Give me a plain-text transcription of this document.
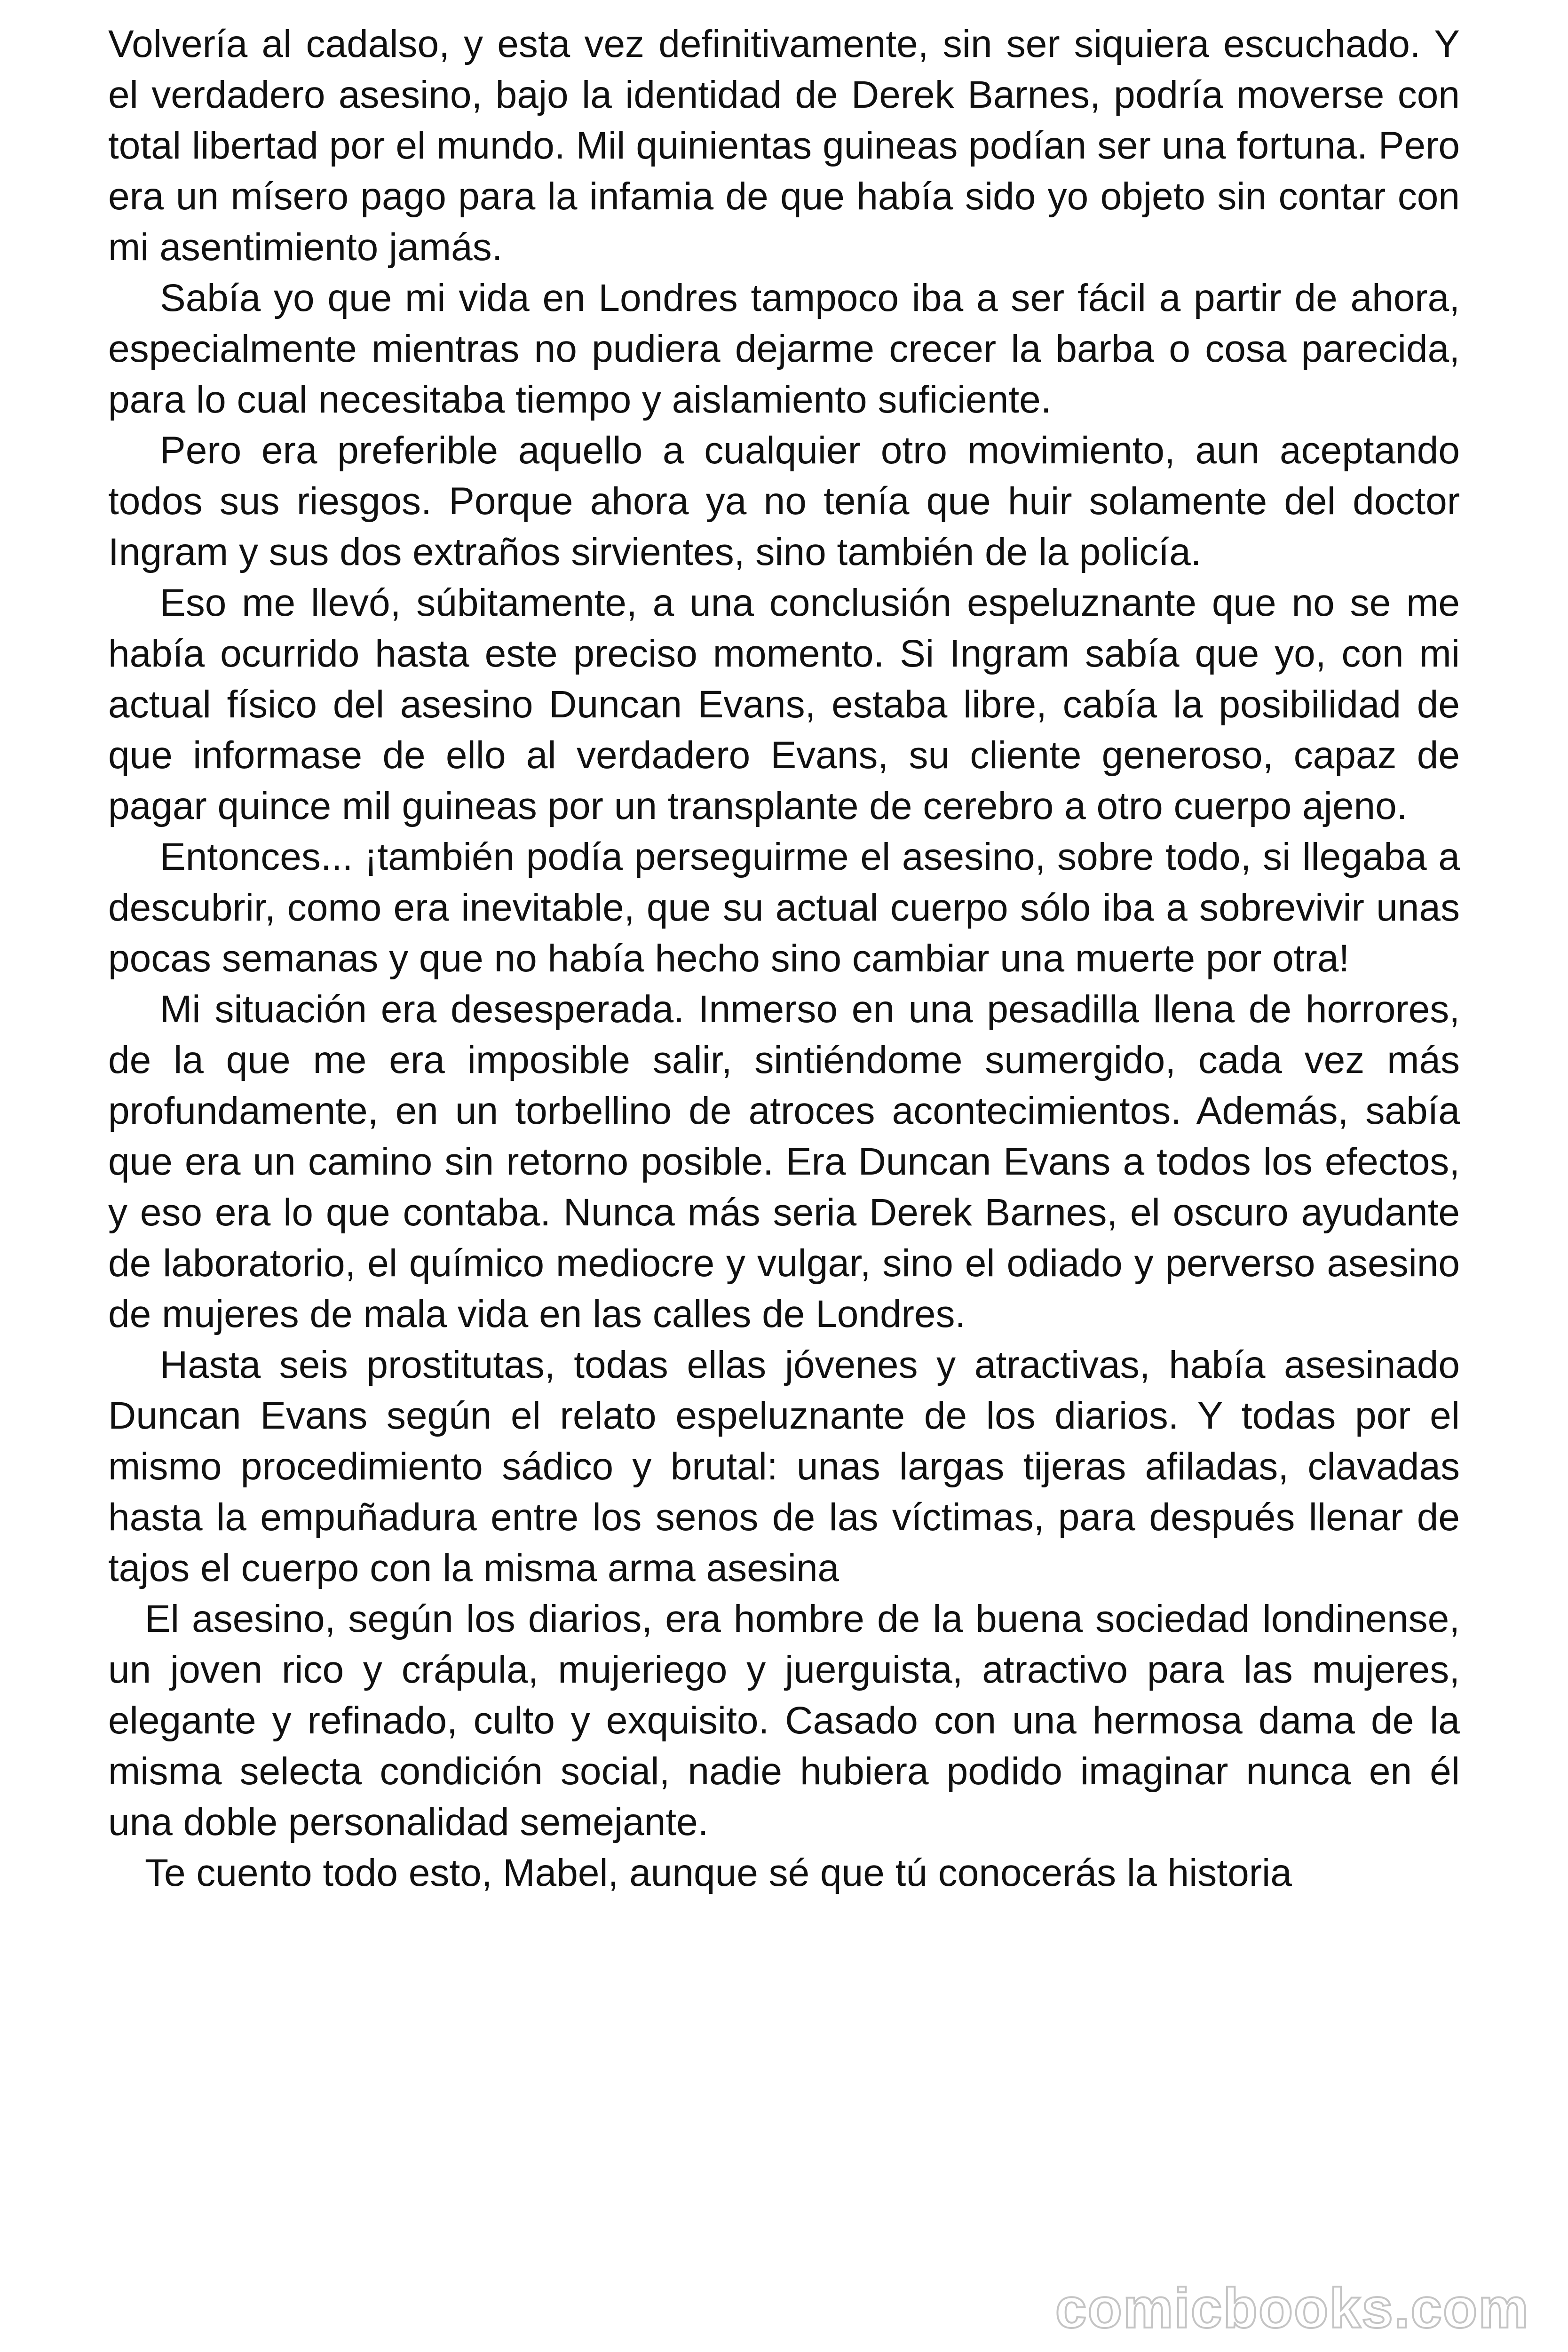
Volvería al cadalso, y esta vez definitivamente, sin ser siquiera escuchado. Y el verdadero asesino, bajo la identidad de Derek Barnes, podría moverse con total libertad por el mundo. Mil quinientas guineas podían ser una fortuna. Pero era un mísero pago para la infamia de que había sido yo objeto sin contar con mi asentimiento jamás.

Sabía yo que mi vida en Londres tampoco iba a ser fácil a partir de ahora, especialmente mientras no pudiera dejarme crecer la barba o cosa parecida, para lo cual necesitaba tiempo y aislamiento suficiente.

Pero era preferible aquello a cualquier otro movimiento, aun aceptando todos sus riesgos. Porque ahora ya no tenía que huir solamente del doctor Ingram y sus dos extraños sirvientes, sino también de la policía.

Eso me llevó, súbitamente, a una conclusión espeluznante que no se me había ocurrido hasta este preciso momento. Si Ingram sabía que yo, con mi actual físico del asesino Duncan Evans, estaba libre, cabía la posibilidad de que informase de ello al verdadero Evans, su cliente generoso, capaz de pagar quince mil guineas por un transplante de cerebro a otro cuerpo ajeno.

Entonces... ¡también podía perseguirme el asesino, sobre todo, si llegaba a descubrir, como era inevitable, que su actual cuerpo sólo iba a sobrevivir unas pocas semanas y que no había hecho sino cambiar una muerte por otra!

Mi situación era desesperada. Inmerso en una pesadilla llena de horrores, de la que me era imposible salir, sintiéndome sumergido, cada vez más profundamente, en un torbellino de atroces acontecimientos. Además, sabía que era un camino sin retorno posible. Era Duncan Evans a todos los efectos, y eso era lo que contaba. Nunca más seria Derek Barnes, el oscuro ayudante de laboratorio, el químico mediocre y vulgar, sino el odiado y perverso asesino de mujeres de mala vida en las calles de Londres.

Hasta seis prostitutas, todas ellas jóvenes y atractivas, había asesinado Duncan Evans según el relato espeluznante de los diarios. Y todas por el mismo procedimiento sádico y brutal: unas largas tijeras afiladas, clavadas hasta la empuñadura entre los senos de las víctimas, para después llenar de tajos el cuerpo con la misma arma asesina

El asesino, según los diarios, era hombre de la buena sociedad londinense, un joven rico y crápula, mujeriego y juerguista, atractivo para las mujeres, elegante y refinado, culto y exquisito. Casado con una hermosa dama de la misma selecta condición social, nadie hubiera podido imaginar nunca en él una doble personalidad semejante.

Te cuento todo esto, Mabel, aunque sé que tú conocerás la historia

comicbooks.com
